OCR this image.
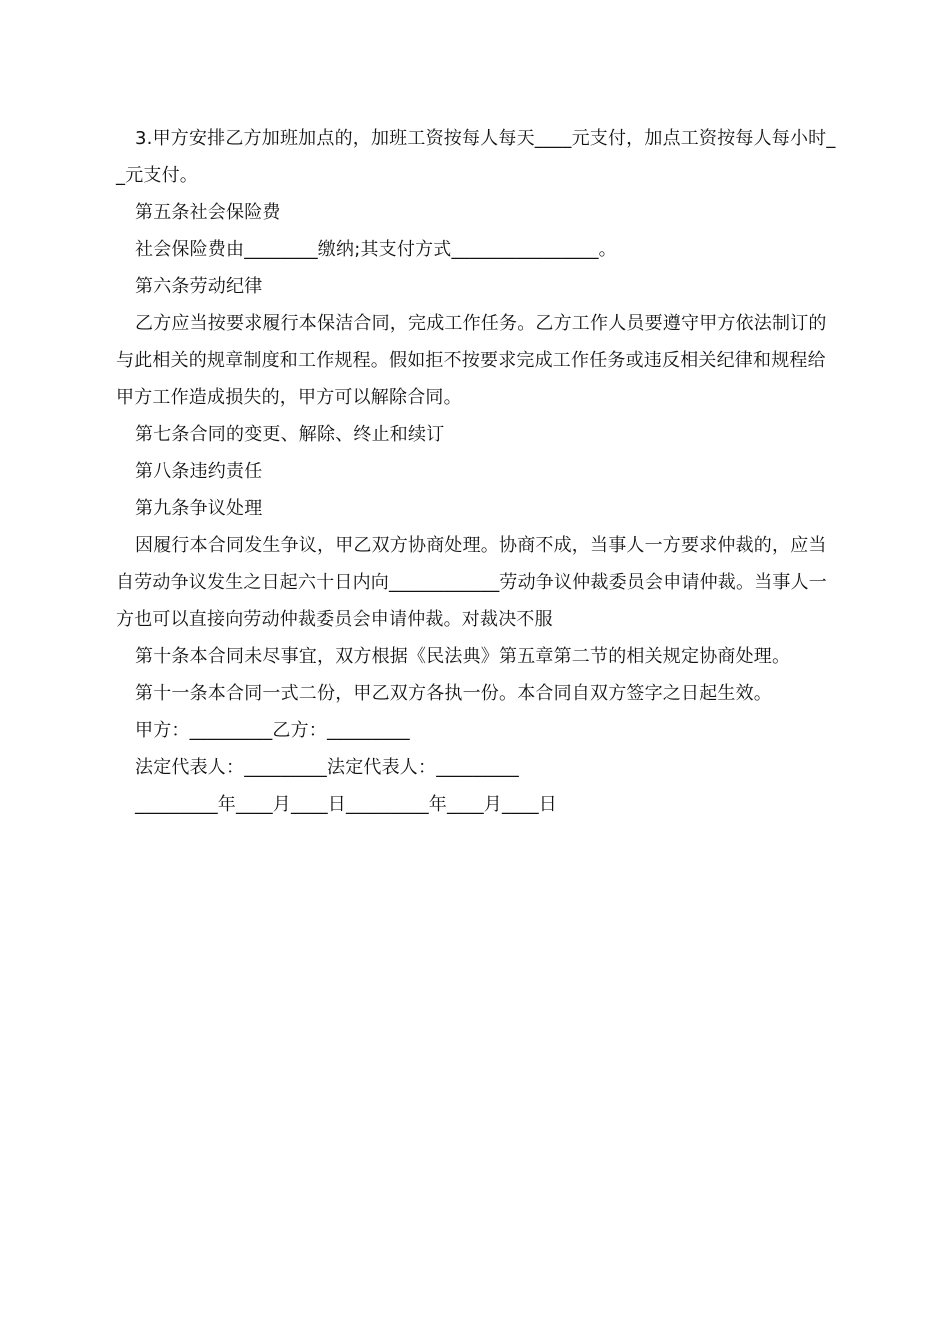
3.甲方安排乙方加班加点的，加班工资按每人每天____元支付，加点工资按每人每小时__元支付。

第五条社会保险费

社会保险费由________缴纳;其支付方式________________。

第六条劳动纪律

乙方应当按要求履行本保洁合同，完成工作任务。乙方工作人员要遵守甲方依法制订的与此相关的规章制度和工作规程。假如拒不按要求完成工作任务或违反相关纪律和规程给甲方工作造成损失的，甲方可以解除合同。

第七条合同的变更、解除、终止和续订

第八条违约责任

第九条争议处理

因履行本合同发生争议，甲乙双方协商处理。协商不成，当事人一方要求仲裁的，应当自劳动争议发生之日起六十日内向____________劳动争议仲裁委员会申请仲裁。当事人一方也可以直接向劳动仲裁委员会申请仲裁。对裁决不服

第十条本合同未尽事宜，双方根据《民法典》第五章第二节的相关规定协商处理。

第十一条本合同一式二份，甲乙双方各执一份。本合同自双方签字之日起生效。

甲方：_________乙方：_________

法定代表人：_________法定代表人：_________

_________年____月____日_________年____月____日
